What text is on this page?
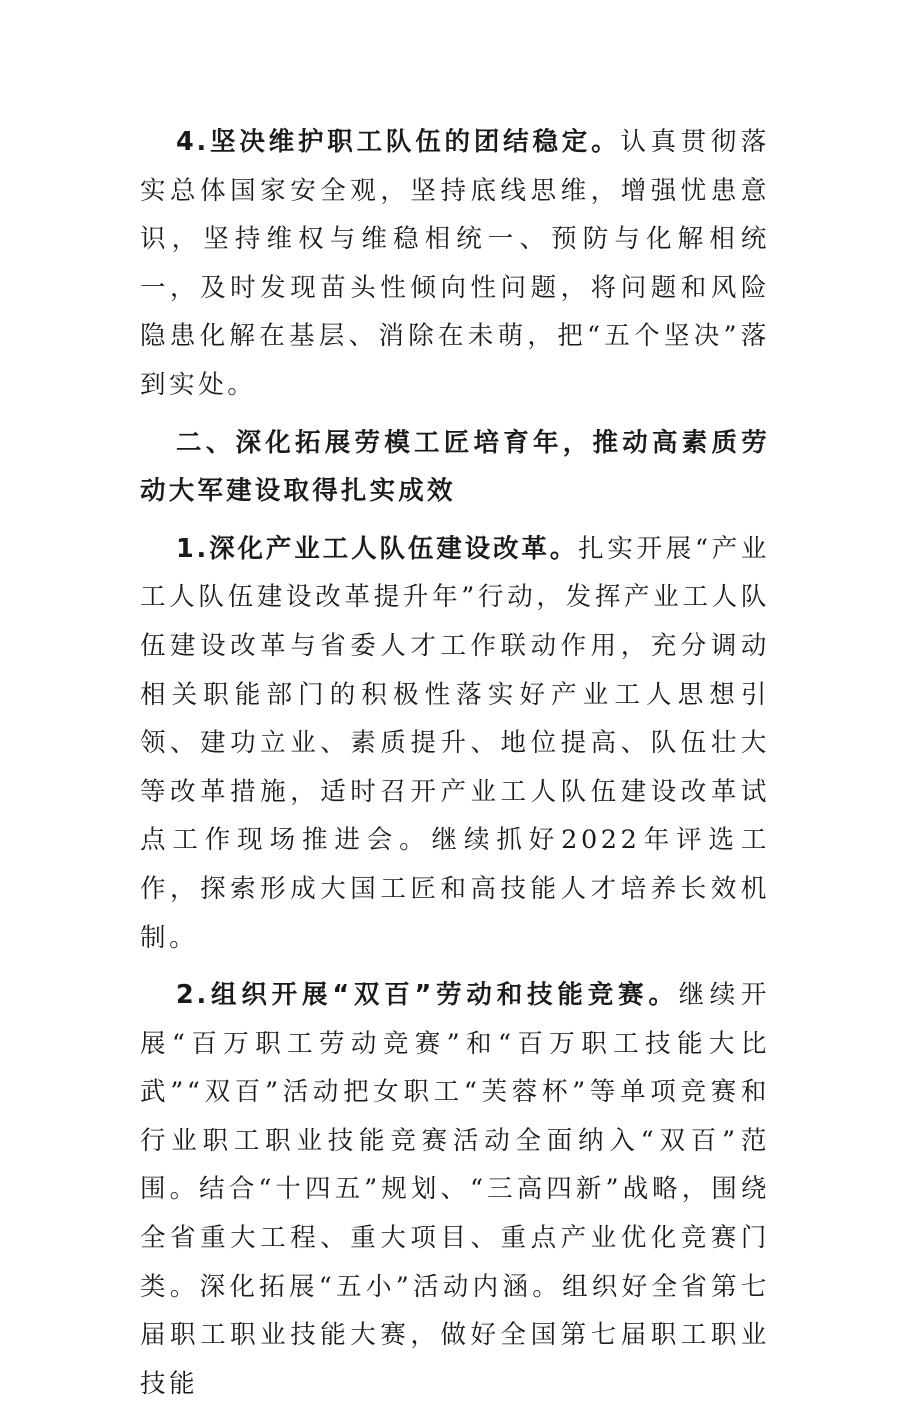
4.坚决维护职工队伍的团结稳定。认真贯彻落实总体国家安全观，坚持底线思维，增强忧患意识，坚持维权与维稳相统一、预防与化解相统一，及时发现苗头性倾向性问题，将问题和风险隐患化解在基层、消除在未萌，把“五个坚决”落到实处。

二、深化拓展劳模工匠培育年，推动高素质劳动大军建设取得扎实成效

1.深化产业工人队伍建设改革。扎实开展“产业工人队伍建设改革提升年”行动，发挥产业工人队伍建设改革与省委人才工作联动作用，充分调动相关职能部门的积极性落实好产业工人思想引领、建功立业、素质提升、地位提高、队伍壮大等改革措施，适时召开产业工人队伍建设改革试点工作现场推进会。继续抓好2022年评选工作，探索形成大国工匠和高技能人才培养长效机制。

2.组织开展“双百”劳动和技能竞赛。继续开展“百万职工劳动竞赛”和“百万职工技能大比武”“双百”活动把女职工“芙蓉杯”等单项竞赛和行业职工职业技能竞赛活动全面纳入“双百”范围。结合“十四五”规划、“三高四新”战略，围绕全省重大工程、重大项目、重点产业优化竞赛门类。深化拓展“五小”活动内涵。组织好全省第七届职工职业技能大赛，做好全国第七届职工职业技能
